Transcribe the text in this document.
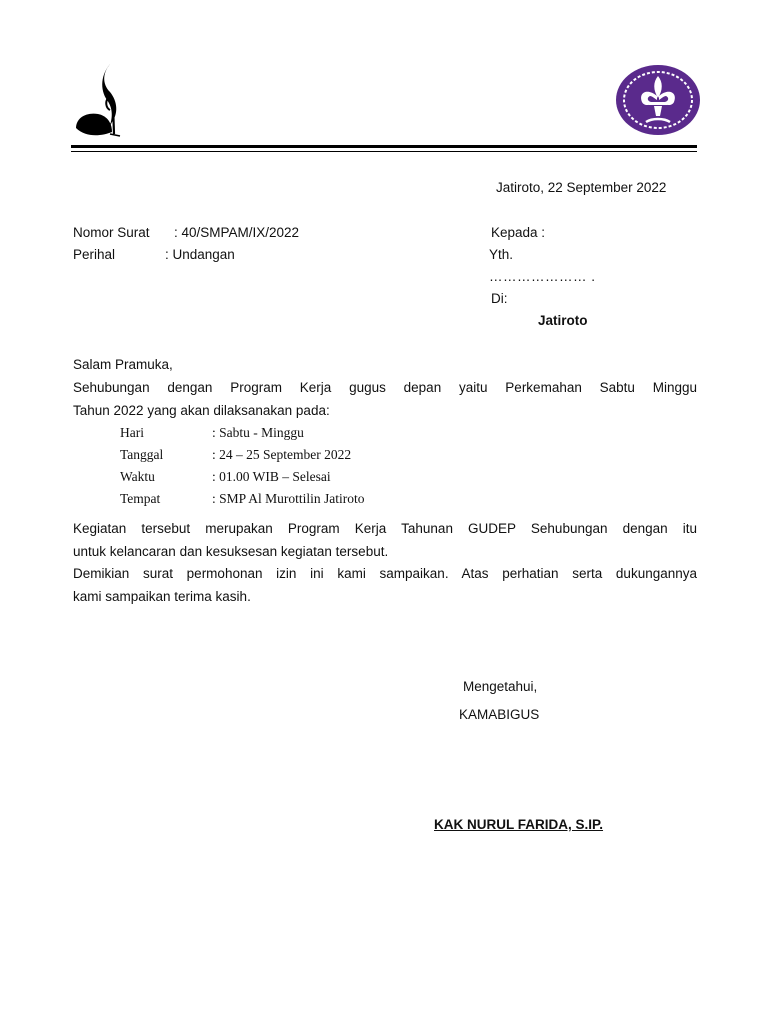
Jatiroto, 22 September 2022
Nomor Surat : 40/SMPAM/IX/2022
Perihal	: Undangan
Kepada :
Yth.
………………… .
Di:
Jatiroto
Salam Pramuka,
Sehubungan dengan Program Kerja gugus depan yaitu Perkemahan Sabtu Minggu
Tahun 2022 yang akan dilaksanakan pada:
Hari	: Sabtu - Minggu
Tanggal	: 24 – 25 September 2022
Waktu	: 01.00 WIB – Selesai
Tempat	: SMP Al Murottilin Jatiroto
Kegiatan tersebut merupakan Program Kerja Tahunan GUDEP Sehubungan dengan itu
untuk kelancaran dan kesuksesan kegiatan tersebut.
Demikian surat permohonan izin ini kami sampaikan. Atas perhatian serta dukungannya
kami sampaikan terima kasih.
Mengetahui,
KAMABIGUS
KAK NURUL FARIDA, S.IP.
